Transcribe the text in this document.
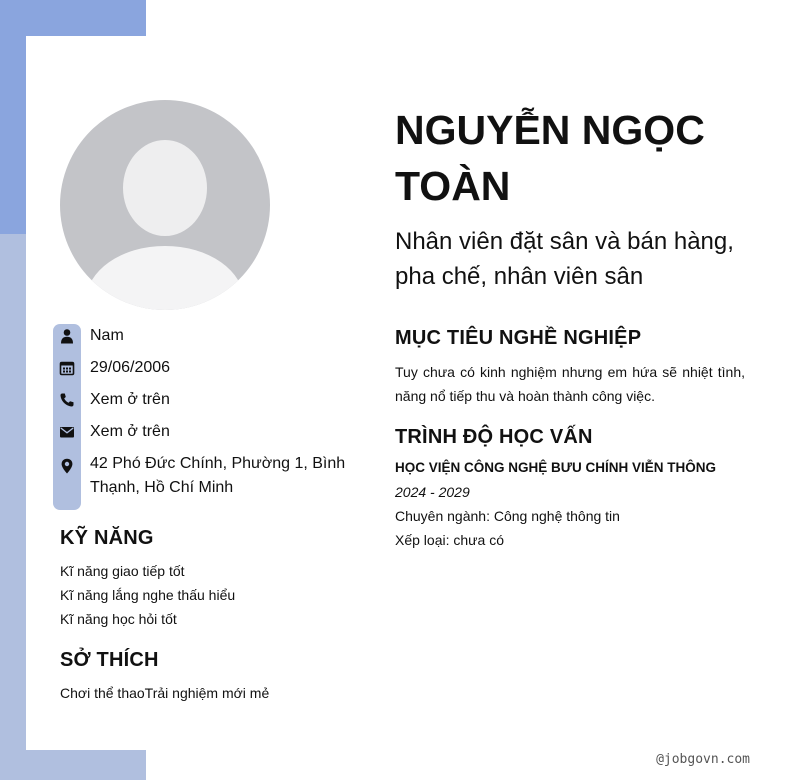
Nam
29/06/2006
Xem ở trên
Xem ở trên
42 Phó Đức Chính, Phường 1, Bình Thạnh, Hồ Chí Minh
KỸ NĂNG
Kĩ năng giao tiếp tốt
Kĩ năng lắng nghe thấu hiểu
Kĩ năng học hỏi tốt
SỞ THÍCH
Chơi thể thaoTrải nghiệm mới mẻ
NGUYỄN NGỌC TOÀN
Nhân viên đặt sân và bán hàng, pha chế, nhân viên sân
MỤC TIÊU NGHỀ NGHIỆP
Tuy chưa có kinh nghiệm nhưng em hứa sẽ nhiệt tình, năng nổ tiếp thu và hoàn thành công việc.
TRÌNH ĐỘ HỌC VẤN
HỌC VIỆN CÔNG NGHỆ BƯU CHÍNH VIỄN THÔNG
2024 - 2029
Chuyên ngành: Công nghệ thông tin
Xếp loại: chưa có
@jobgovn.com
